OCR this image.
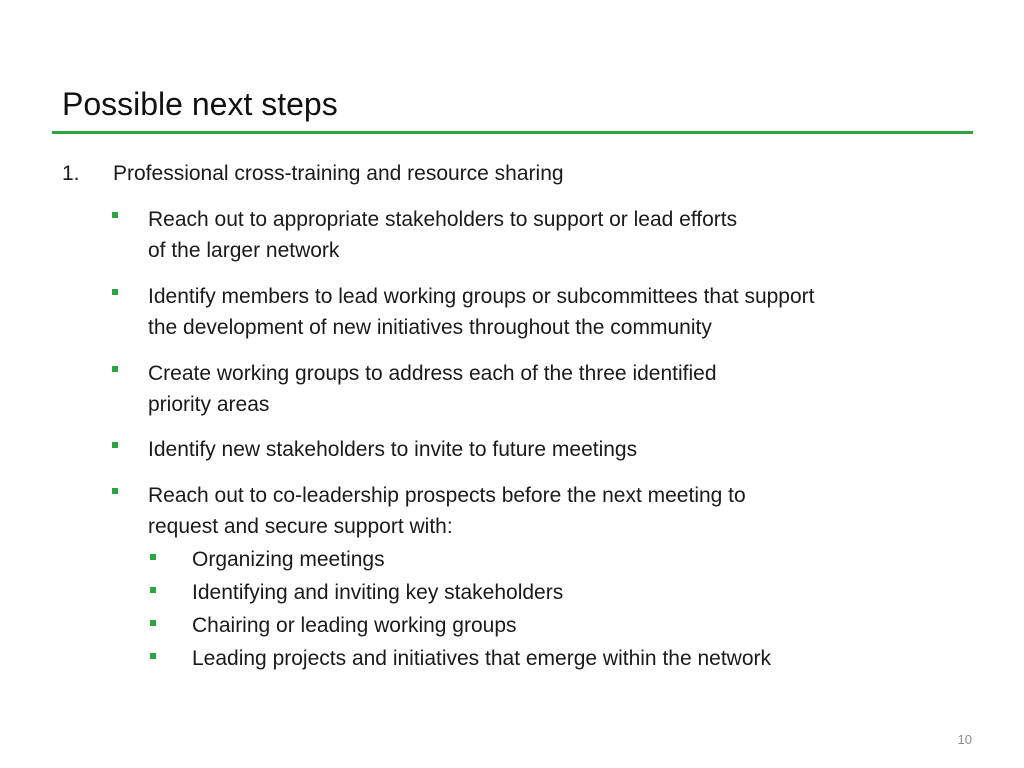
Possible next steps
1. Professional cross-training and resource sharing
Reach out to appropriate stakeholders to support or lead efforts
of the larger network
Identify members to lead working groups or subcommittees that support
the development of new initiatives throughout the community
Create working groups to address each of the three identified
priority areas
Identify new stakeholders to invite to future meetings
Reach out to co-leadership prospects before the next meeting to
request and secure support with:
Organizing meetings
Identifying and inviting key stakeholders
Chairing or leading working groups
Leading projects and initiatives that emerge within the network
10
